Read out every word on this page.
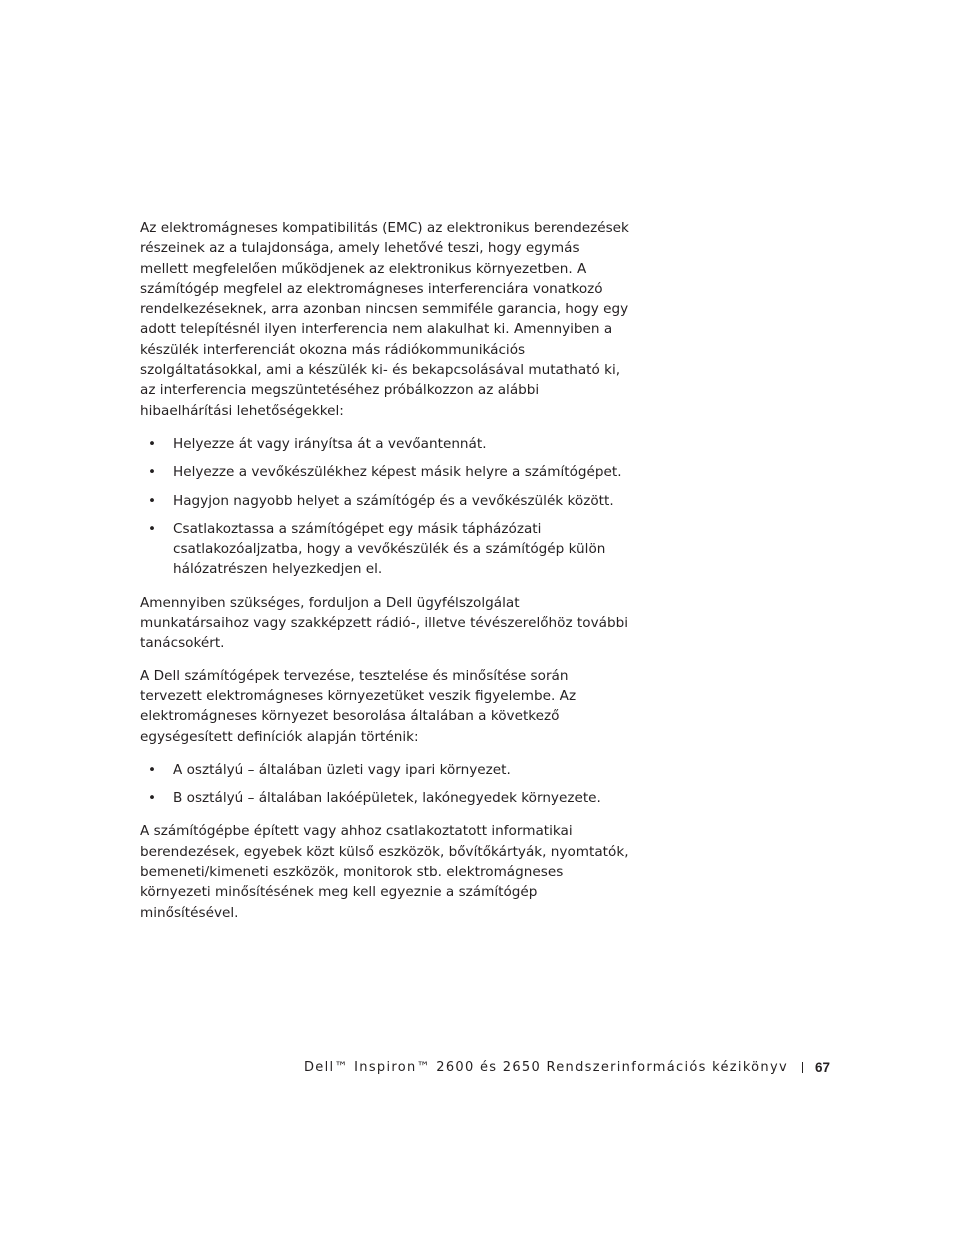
Az elektromágneses kompatibilitás (EMC) az elektronikus berendezések részeinek az a tulajdonsága, amely lehetővé teszi, hogy egymás mellett megfelelően működjenek az elektronikus környezetben. A számítógép megfelel az elektromágneses interferenciára vonatkozó rendelkezéseknek, arra azonban nincsen semmiféle garancia, hogy egy adott telepítésnél ilyen interferencia nem alakulhat ki. Amennyiben a készülék interferenciát okozna más rádiókommunikációs szolgáltatásokkal, ami a készülék ki- és bekapcsolásával mutatható ki, az interferencia megszüntetéséhez próbálkozzon az alábbi hibaelhárítási lehetőségekkel:

• Helyezze át vagy irányítsa át a vevőantennát.
• Helyezze a vevőkészülékhez képest másik helyre a számítógépet.
• Hagyjon nagyobb helyet a számítógép és a vevőkészülék között.
• Csatlakoztassa a számítógépet egy másik tápházózati csatlakozóaljzatba, hogy a vevőkészülék és a számítógép külön hálózatrészen helyezkedjen el.

Amennyiben szükséges, forduljon a Dell ügyfélszolgálat munkatársaihoz vagy szakképzett rádió-, illetve tévészerelőhöz további tanácsokért.

A Dell számítógépek tervezése, tesztelése és minősítése során tervezett elektromágneses környezetüket veszik figyelembe. Az elektromágneses környezet besorolása általában a következő egységesített definíciók alapján történik:

• A osztályú – általában üzleti vagy ipari környezet.
• B osztályú – általában lakóépületek, lakónegyedek környezete.

A számítógépbe épített vagy ahhoz csatlakoztatott informatikai berendezések, egyebek közt külső eszközök, bővítőkártyák, nyomtatók, bemeneti/kimeneti eszközök, monitorok stb. elektromágneses környezeti minősítésének meg kell egyeznie a számítógép minősítésével.

Dell™ Inspiron™ 2600 és 2650 Rendszerinformációs kézikönyv 67
